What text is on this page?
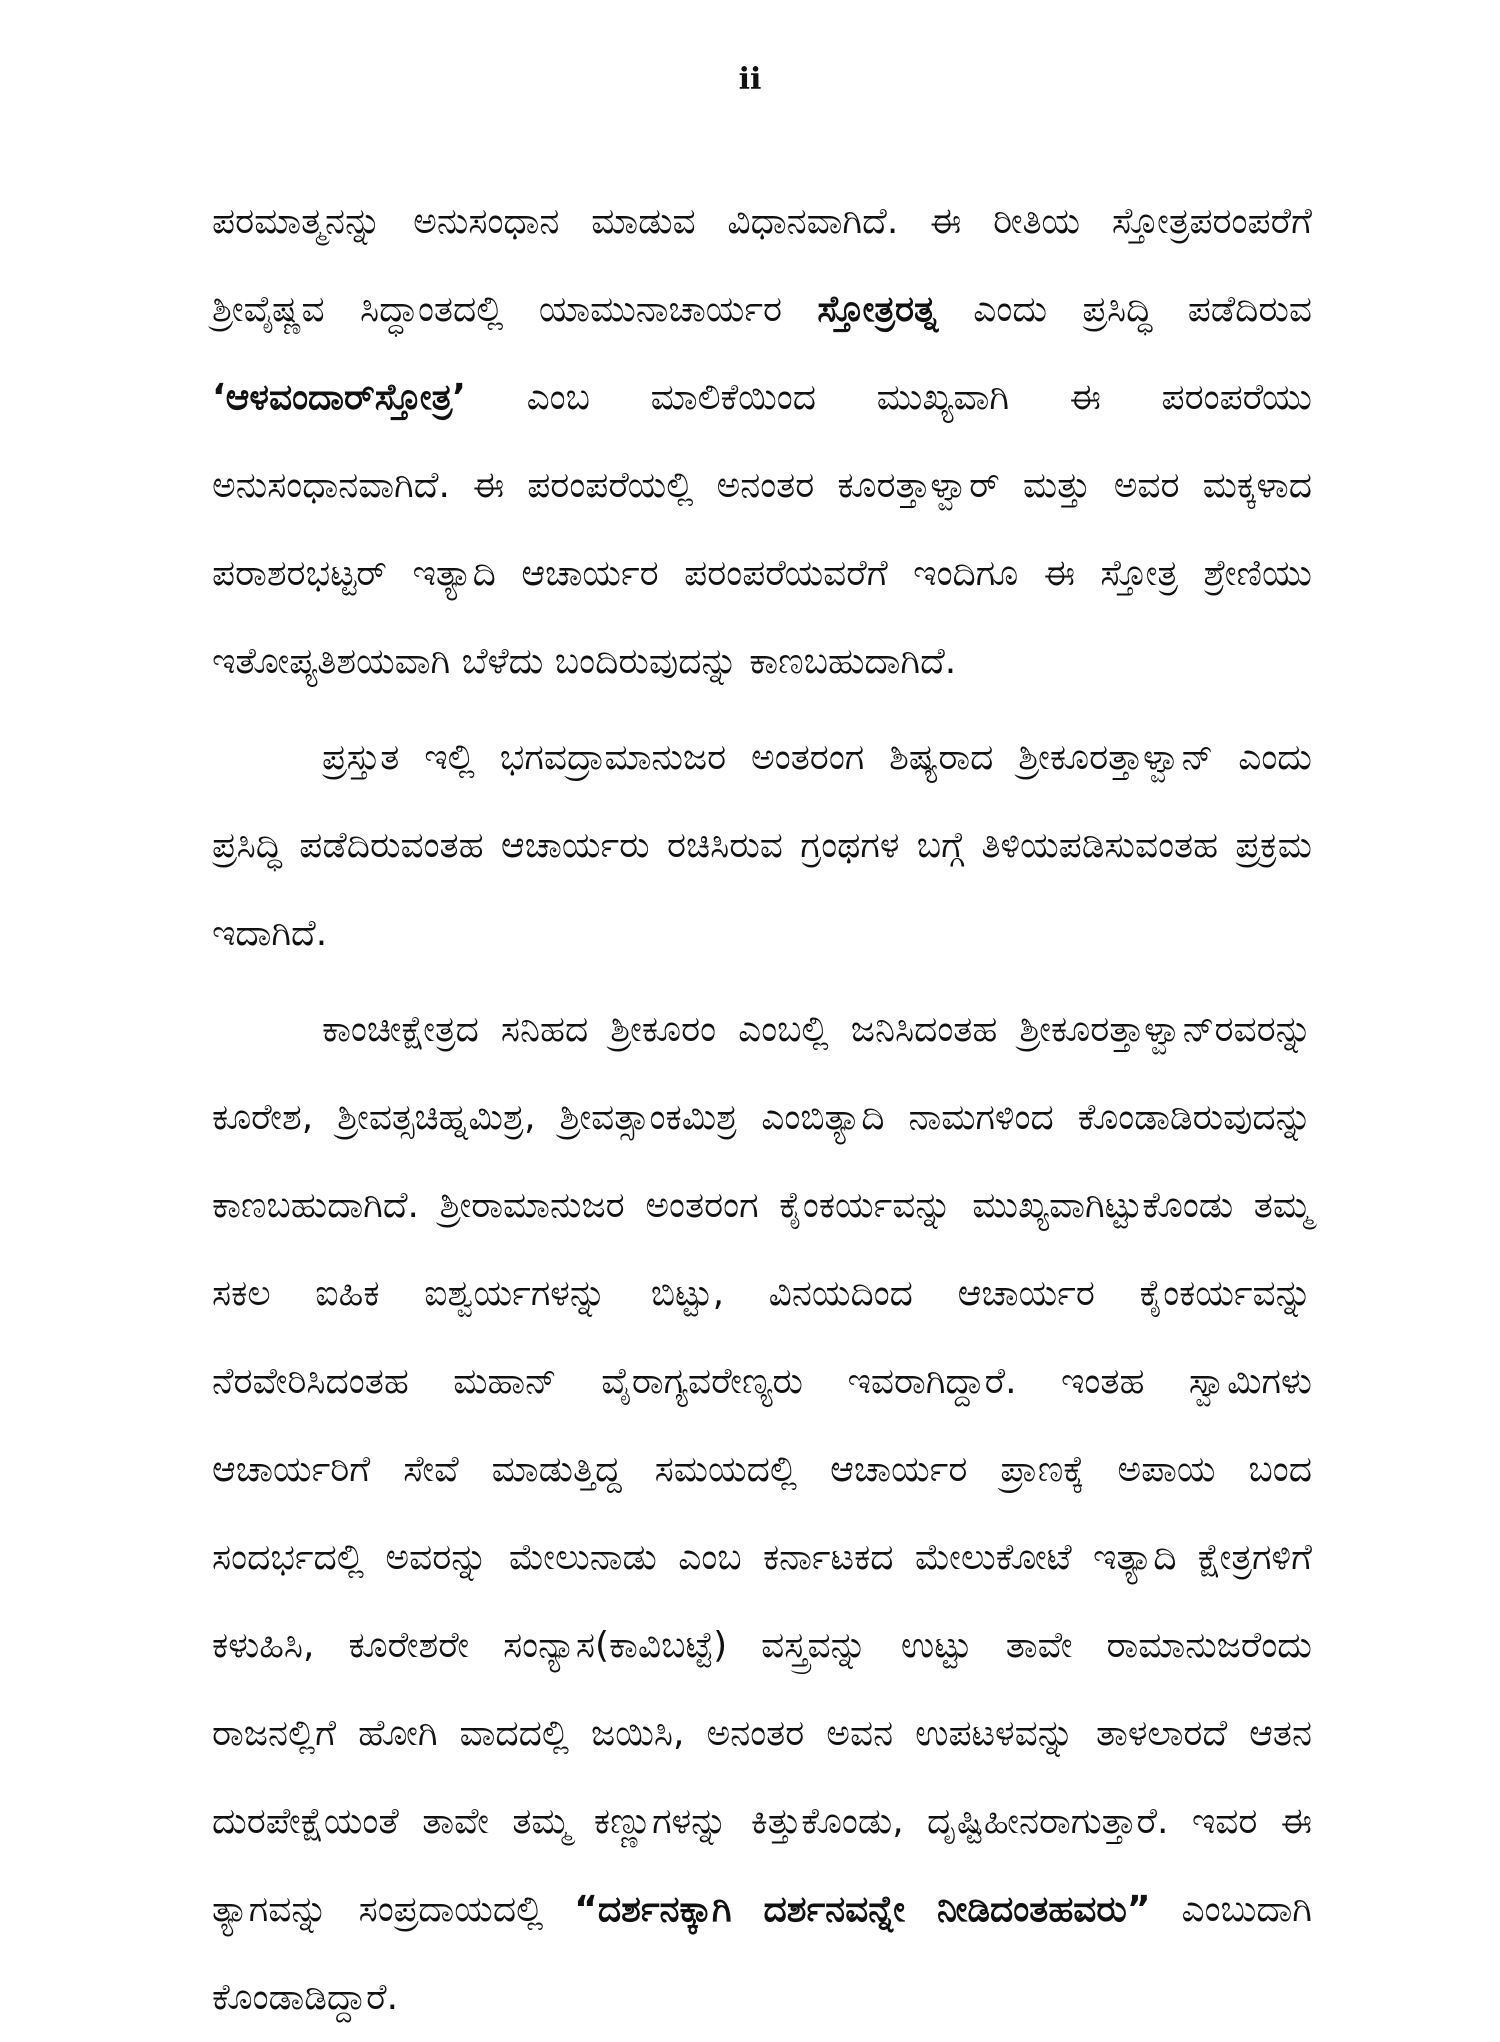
ii

ಪರಮಾತ್ಮನನ್ನು ಅನುಸಂಧಾನ ಮಾಡುವ ವಿಧಾನವಾಗಿದೆ. ಈ ರೀತಿಯ ಸ್ತೋತ್ರಪರಂಪರೆಗೆ ಶ್ರೀವೈಷ್ಣವ ಸಿದ್ಧಾಂತದಲ್ಲಿ ಯಾಮುನಾಚಾರ್ಯರ ಸ್ತೋತ್ರರತ್ನ ಎಂದು ಪ್ರಸಿದ್ಧಿ ಪಡೆದಿರುವ ‘ಆಳವಂದಾರ್‌ಸ್ತೋತ್ರ’ ಎಂಬ ಮಾಲಿಕೆಯಿಂದ ಮುಖ್ಯವಾಗಿ ಈ ಪರಂಪರೆಯು ಅನುಸಂಧಾನವಾಗಿದೆ. ಈ ಪರಂಪರೆಯಲ್ಲಿ ಅನಂತರ ಕೂರತ್ತಾಳ್ವಾರ್ ಮತ್ತು ಅವರ ಮಕ್ಕಳಾದ ಪರಾಶರಭಟ್ಟರ್ ಇತ್ಯಾದಿ ಆಚಾರ್ಯರ ಪರಂಪರೆಯವರೆಗೆ ಇಂದಿಗೂ ಈ ಸ್ತೋತ್ರ ಶ್ರೇಣಿಯು ಇತೋಪ್ಯತಿಶಯವಾಗಿ ಬೆಳೆದು ಬಂದಿರುವುದನ್ನು ಕಾಣಬಹುದಾಗಿದೆ.

ಪ್ರಸ್ತುತ ಇಲ್ಲಿ ಭಗವದ್ರಾಮಾನುಜರ ಅಂತರಂಗ ಶಿಷ್ಯರಾದ ಶ್ರೀಕೂರತ್ತಾಳ್ವಾನ್ ಎಂದು ಪ್ರಸಿದ್ಧಿ ಪಡೆದಿರುವಂತಹ ಆಚಾರ್ಯರು ರಚಿಸಿರುವ ಗ್ರಂಥಗಳ ಬಗ್ಗೆ ತಿಳಿಯಪಡಿಸುವಂತಹ ಪ್ರಕ್ರಮ ಇದಾಗಿದೆ.

ಕಾಂಚೀಕ್ಷೇತ್ರದ ಸನಿಹದ ಶ್ರೀಕೂರಂ ಎಂಬಲ್ಲಿ ಜನಿಸಿದಂತಹ ಶ್ರೀಕೂರತ್ತಾಳ್ವಾನ್‌ರವರನ್ನು ಕೂರೇಶ, ಶ್ರೀವತ್ಸಚಿಹ್ನಮಿಶ್ರ, ಶ್ರೀವತ್ಸಾಂಕಮಿಶ್ರ ಎಂಬಿತ್ಯಾದಿ ನಾಮಗಳಿಂದ ಕೊಂಡಾಡಿರುವುದನ್ನು ಕಾಣಬಹುದಾಗಿದೆ. ಶ್ರೀರಾಮಾನುಜರ ಅಂತರಂಗ ಕೈಂಕರ್ಯವನ್ನು ಮುಖ್ಯವಾಗಿಟ್ಟುಕೊಂಡು ತಮ್ಮ ಸಕಲ ಐಹಿಕ ಐಶ್ವರ್ಯಗಳನ್ನು ಬಿಟ್ಟು, ವಿನಯದಿಂದ ಆಚಾರ್ಯರ ಕೈಂಕರ್ಯವನ್ನು ನೆರವೇರಿಸಿದಂತಹ ಮಹಾನ್ ವೈರಾಗ್ಯವರೇಣ್ಯರು ಇವರಾಗಿದ್ದಾರೆ. ಇಂತಹ ಸ್ವಾಮಿಗಳು ಆಚಾರ್ಯರಿಗೆ ಸೇವೆ ಮಾಡುತ್ತಿದ್ದ ಸಮಯದಲ್ಲಿ ಆಚಾರ್ಯರ ಪ್ರಾಣಕ್ಕೆ ಅಪಾಯ ಬಂದ ಸಂದರ್ಭದಲ್ಲಿ ಅವರನ್ನು ಮೇಲುನಾಡು ಎಂಬ ಕರ್ನಾಟಕದ ಮೇಲುಕೋಟೆ ಇತ್ಯಾದಿ ಕ್ಷೇತ್ರಗಳಿಗೆ ಕಳುಹಿಸಿ, ಕೂರೇಶರೇ ಸಂನ್ಯಾಸ(ಕಾವಿಬಟ್ಟೆ) ವಸ್ತ್ರವನ್ನು ಉಟ್ಟು ತಾವೇ ರಾಮಾನುಜರೆಂದು ರಾಜನಲ್ಲಿಗೆ ಹೋಗಿ ವಾದದಲ್ಲಿ ಜಯಿಸಿ, ಅನಂತರ ಅವನ ಉಪಟಳವನ್ನು ತಾಳಲಾರದೆ ಆತನ ದುರಪೇಕ್ಷೆಯಂತೆ ತಾವೇ ತಮ್ಮ ಕಣ್ಣುಗಳನ್ನು ಕಿತ್ತುಕೊಂಡು, ದೃಷ್ಟಿಹೀನರಾಗುತ್ತಾರೆ. ಇವರ ಈ ತ್ಯಾಗವನ್ನು ಸಂಪ್ರದಾಯದಲ್ಲಿ “ದರ್ಶನಕ್ಕಾಗಿ ದರ್ಶನವನ್ನೇ ನೀಡಿದಂತಹವರು” ಎಂಬುದಾಗಿ ಕೊಂಡಾಡಿದ್ದಾರೆ.
